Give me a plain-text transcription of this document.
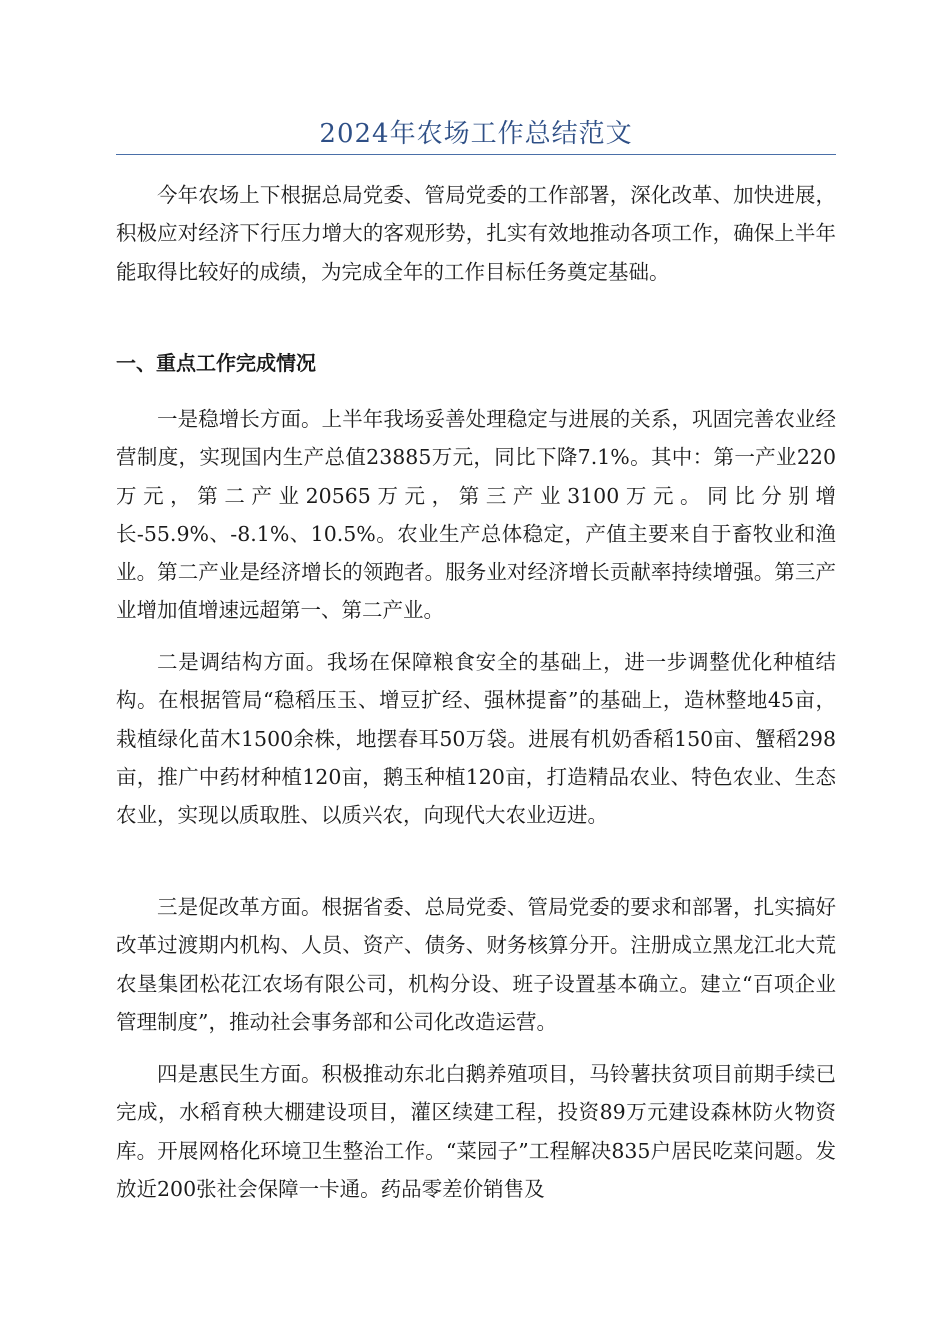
2024年农场工作总结范文

今年农场上下根据总局党委、管局党委的工作部署，深化改革、加快进展，积极应对经济下行压力增大的客观形势，扎实有效地推动各项工作，确保上半年能取得比较好的成绩，为完成全年的工作目标任务奠定基础。

一、重点工作完成情况

一是稳增长方面。上半年我场妥善处理稳定与进展的关系，巩固完善农业经营制度，实现国内生产总值23885万元，同比下降7.1%。其中：第一产业220万元，第二产业20565万元，第三产业3100万元。同比分别增长-55.9%、-8.1%、10.5%。农业生产总体稳定，产值主要来自于畜牧业和渔业。第二产业是经济增长的领跑者。服务业对经济增长贡献率持续增强。第三产业增加值增速远超第一、第二产业。

二是调结构方面。我场在保障粮食安全的基础上，进一步调整优化种植结构。在根据管局“稳稻压玉、增豆扩经、强林提畜”的基础上，造林整地45亩，栽植绿化苗木1500余株，地摆春耳50万袋。进展有机奶香稻150亩、蟹稻298亩，推广中药材种植120亩，鹅玉种植120亩，打造精品农业、特色农业、生态农业，实现以质取胜、以质兴农，向现代大农业迈进。

三是促改革方面。根据省委、总局党委、管局党委的要求和部署，扎实搞好改革过渡期内机构、人员、资产、债务、财务核算分开。注册成立黑龙江北大荒农垦集团松花江农场有限公司，机构分设、班子设置基本确立。建立“百项企业管理制度”，推动社会事务部和公司化改造运营。

四是惠民生方面。积极推动东北白鹅养殖项目，马铃薯扶贫项目前期手续已完成，水稻育秧大棚建设项目，灌区续建工程，投资89万元建设森林防火物资库。开展网格化环境卫生整治工作。“菜园子”工程解决835户居民吃菜问题。发放近200张社会保障一卡通。药品零差价销售及
